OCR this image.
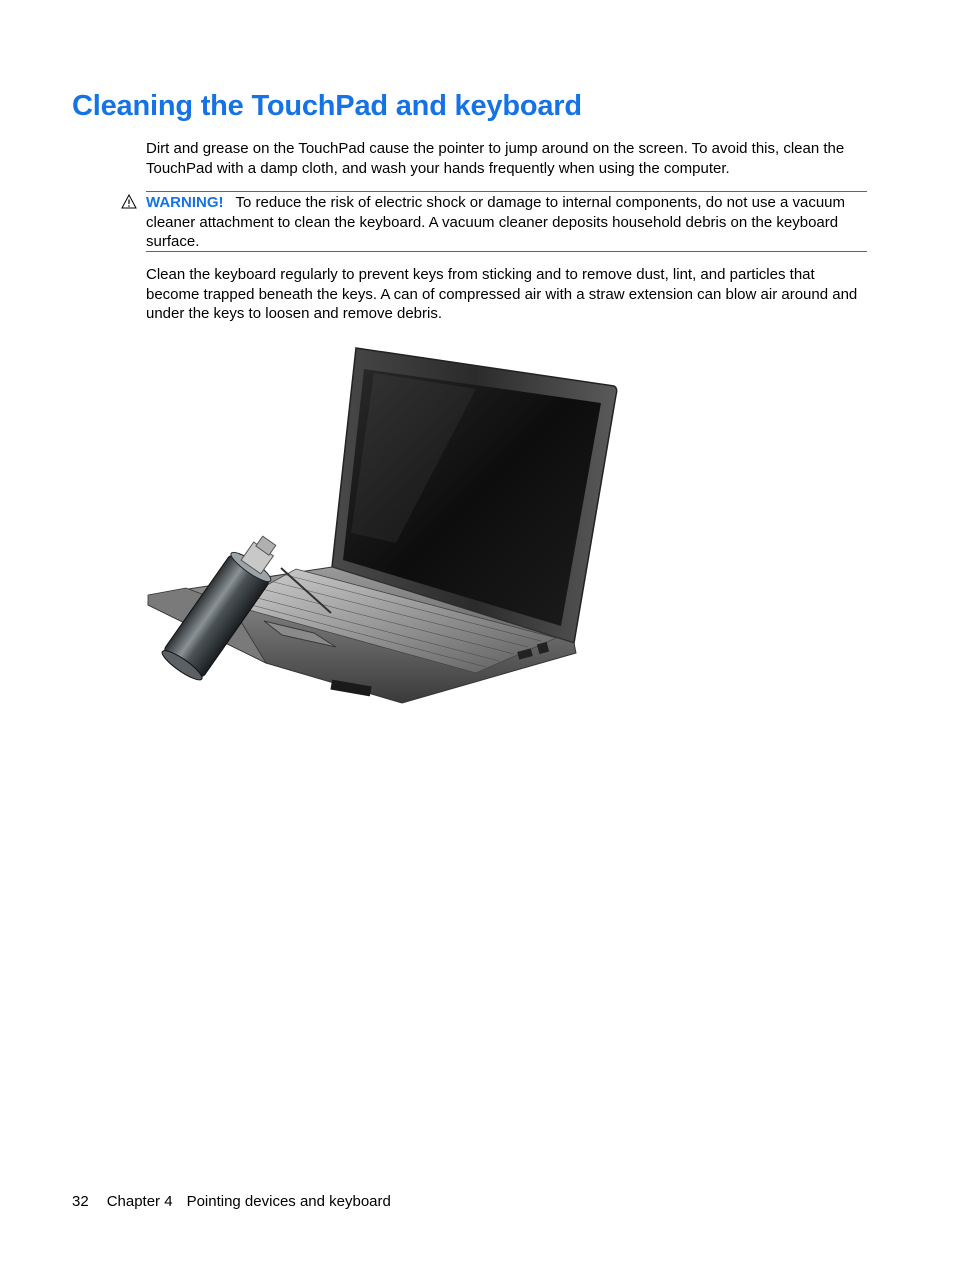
Cleaning the TouchPad and keyboard

Dirt and grease on the TouchPad cause the pointer to jump around on the screen. To avoid this, clean the TouchPad with a damp cloth, and wash your hands frequently when using the computer.

WARNING! To reduce the risk of electric shock or damage to internal components, do not use a vacuum cleaner attachment to clean the keyboard. A vacuum cleaner deposits household debris on the keyboard surface.

Clean the keyboard regularly to prevent keys from sticking and to remove dust, lint, and particles that become trapped beneath the keys. A can of compressed air with a straw extension can blow air around and under the keys to loosen and remove debris.

32 Chapter 4 Pointing devices and keyboard
